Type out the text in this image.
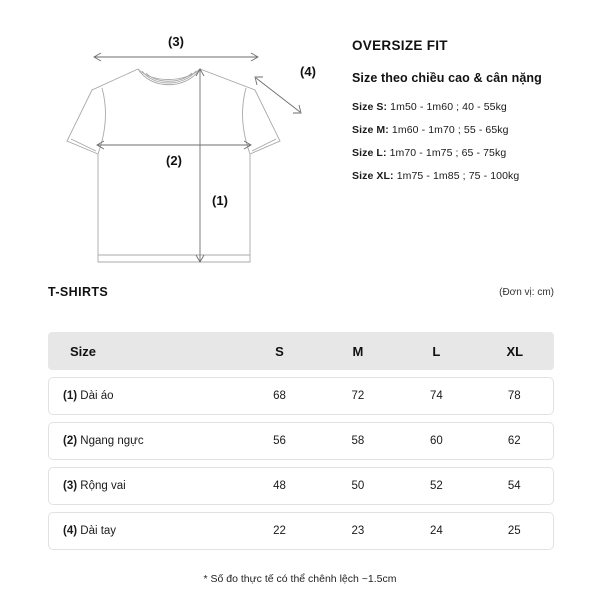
(3)
(2)
(1)
(4)
OVERSIZE FIT
Size theo chiều cao & cân nặng
Size S: 1m50 - 1m60 ; 40 - 55kg
Size M: 1m60 - 1m70 ; 55 - 65kg
Size L: 1m70 - 1m75 ; 65 - 75kg
Size XL: 1m75 - 1m85 ; 75 - 100kg
T-SHIRTS	(Đơn vị: cm)
Size	S	M	L	XL
(1) Dài áo	68	72	74	78
(2) Ngang ngực	56	58	60	62
(3) Rộng vai	48	50	52	54
(4) Dài tay	22	23	24	25
* Số đo thực tế có thể chênh lệch ~1.5cm
